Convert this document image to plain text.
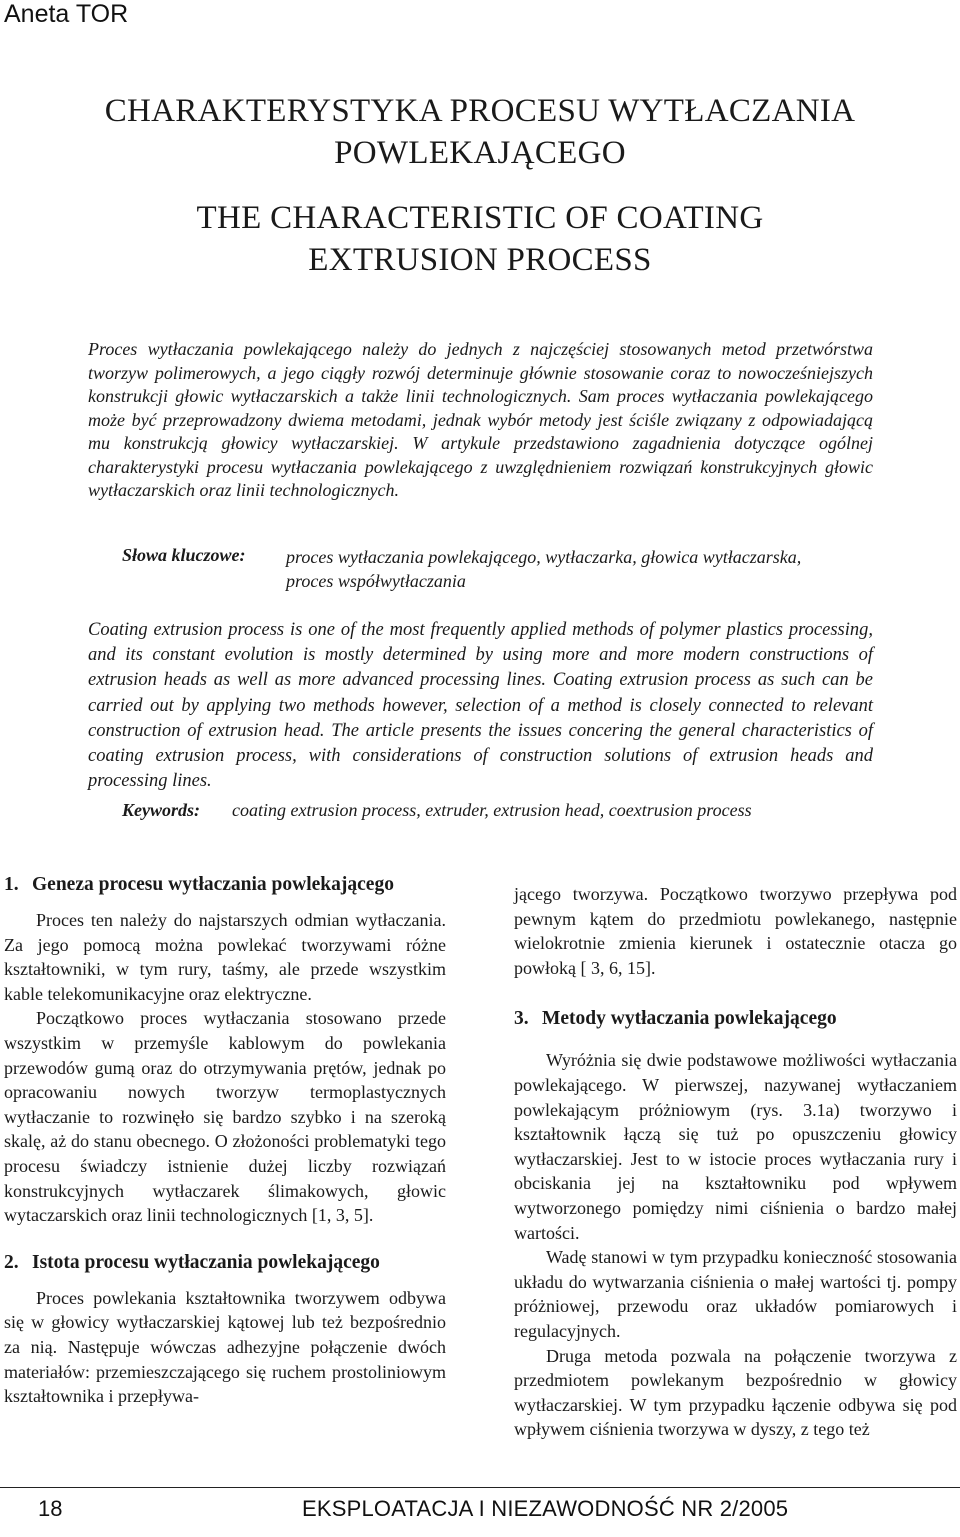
Aneta TOR
CHARAKTERYSTYKA PROCESU WYTŁACZANIA
POWLEKAJĄCEGO
THE CHARACTERISTIC OF COATING
EXTRUSION PROCESS
Proces wytłaczania powlekającego należy do jednych z najczęściej stosowanych metod przetwórstwa tworzyw polimerowych, a jego ciągły rozwój determinuje głównie stosowanie coraz to nowocześniejszych konstrukcji głowic wytłaczarskich a także linii technologicznych. Sam proces wytłaczania powlekającego może być przeprowadzony dwiema metodami, jednak wybór metody jest ściśle związany z odpowiadającą mu konstrukcją głowicy wytłaczarskiej. W artykule przedstawiono zagadnienia dotyczące ogólnej charakterystyki procesu wytłaczania powlekającego z uwzględnieniem rozwiązań konstrukcyjnych głowic wytłaczarskich oraz linii technologicznych.
Słowa kluczowe: proces wytłaczania powlekającego, wytłaczarka, głowica wytłaczarska, proces współwytłaczania
Coating extrusion process is one of the most frequently applied methods of polymer plastics processing, and its constant evolution is mostly determined by using more and more modern constructions of extrusion heads as well as more advanced processing lines. Coating extrusion process as such can be carried out by applying two methods however, selection of a method is closely connected to relevant construction of extrusion head. The article presents the issues concering the general characteristics of coating extrusion process, with considerations of construction solutions of extrusion heads and processing lines.
Keywords: coating extrusion process, extruder, extrusion head, coextrusion process
1. Geneza procesu wytłaczania powlekającego

Proces ten należy do najstarszych odmian wytłaczania. Za jego pomocą można powlekać tworzywami różne kształtowniki, w tym rury, taśmy, ale przede wszystkim kable telekomunikacyjne oraz elektryczne.

Początkowo proces wytłaczania stosowano przede wszystkim w przemyśle kablowym do powlekania przewodów gumą oraz do otrzymywania prętów, jednak po opracowaniu nowych tworzyw termoplastycznych wytłaczanie to rozwinęło się bardzo szybko i na szeroką skalę, aż do stanu obecnego. O złożoności problematyki tego procesu świadczy istnienie dużej liczby rozwiązań konstrukcyjnych wytłaczarek ślimakowych, głowic wytaczarskich oraz linii technologicznych [1, 3, 5].

2. Istota procesu wytłaczania powlekającego

Proces powlekania kształtownika tworzywem odbywa się w głowicy wytłaczarskiej kątowej lub też bezpośrednio za nią. Następuje wówczas adhezyjne połączenie dwóch materiałów: przemieszczającego się ruchem prostoliniowym kształtownika i przepływa-

jącego tworzywa. Początkowo tworzywo przepływa pod pewnym kątem do przedmiotu powlekanego, następnie wielokrotnie zmienia kierunek i ostatecznie otacza go powłoką [ 3, 6, 15].

3. Metody wytłaczania powlekającego

Wyróżnia się dwie podstawowe możliwości wytłaczania powlekającego. W pierwszej, nazywanej wytłaczaniem powlekającym próżniowym (rys. 3.1a) tworzywo i kształtownik łączą się tuż po opuszczeniu głowicy wytłaczarskiej. Jest to w istocie proces wytłaczania rury i obciskania jej na kształtowniku pod wpływem wytworzonego pomiędzy nimi ciśnienia o bardzo małej wartości.

Wadę stanowi w tym przypadku konieczność stosowania układu do wytwarzania ciśnienia o małej wartości tj. pompy próżniowej, przewodu oraz układów pomiarowych i regulacyjnych.

Druga metoda pozwala na połączenie tworzywa z przedmiotem powlekanym bezpośrednio w głowicy wytłaczarskiej. W tym przypadku łączenie odbywa się pod wpływem ciśnienia tworzywa w dyszy, z tego też

18	EKSPLOATACJA I NIEZAWODNOŚĆ NR 2/2005
